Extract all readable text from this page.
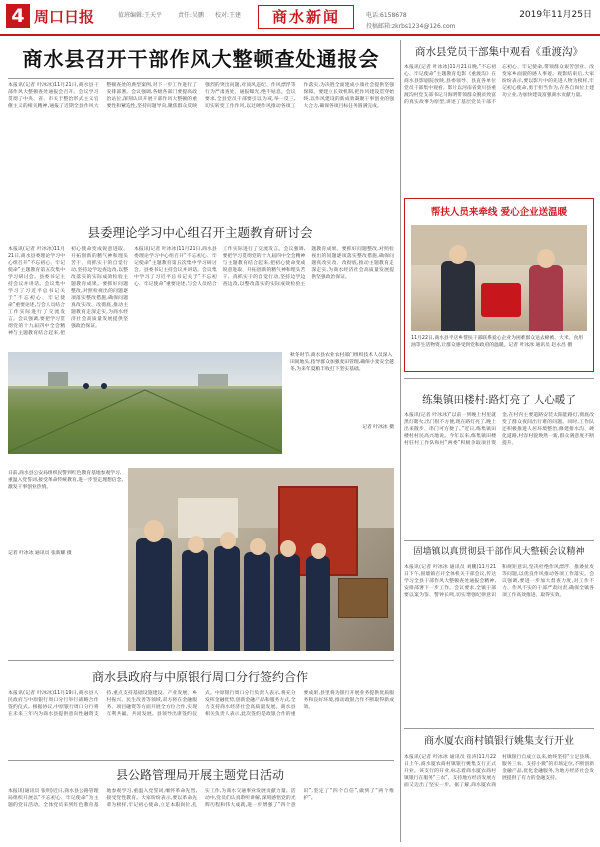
4 周口日报	值班编辑:王天平	责任:吴鹏 校对:王建	商水新闻	电话:6158678
投稿邮箱:zkrbs1234@126.com
2019年11月25日
商水县召开干部作风大整顿查处通报会
本报讯(记者 叶冰冰)11月21日,商水县干部作风大整顿查处通报会召开。会议学习贯彻了中央、省、市关于整治形式主义官僚主义的相关精神,通报了近期全县作风大整顿查处的典型案例,对下一步工作进行了安排部署。会议强调,各级各部门要提高政治站位,深刻认识开展干部作风大整顿的重要性和紧迫性,坚持问题导向,聚焦群众反映强烈的突出问题,对顶风违纪、作风漂浮等行为严肃查处、通报曝光,绝不姑息。会议要求,全县党员干部要引以为戒,举一反三,切实转变工作作风,以过硬作风推动各项工作落实,为决胜全面建成小康社会提供坚强保障。要建立长效机制,把作风建设贯穿始终,以作风建设的新成效凝聚干事创业的强大合力,确保各项目标任务圆满完成。
县委理论学习中心组召开主题教育研讨会
本报讯(记者 叶冰冰)11月21日,商水县委理论学习中心组召开“不忘初心、牢记使命”主题教育第五次集中学习研讨会。县委书记主持会议并讲话。会议集中学习了习近平总书记关于“不忘初心、牢记使命”重要论述,与会人员结合工作实际进行了交流发言。会议强调,要把学习贯彻党的十九届四中全会精神与主题教育结合起来,把初心使命变成锐意进取、开拓创新的精气神和埋头苦干、真抓实干的自觉行动,坚持边学边查边改,以整改落实的实际成效检验主题教育成果。要抓好问题整改,对照检视出的问题逐项落实整改措施,确保问题真改实改、改彻底,推动主题教育走深走实,为商水经济社会高质量发展提供坚强政治保证。
本报讯(记者 叶冰冰)11月21日,商水县委理论学习中心组召开“不忘初心、牢记使命”主题教育第五次集中学习研讨会。县委书记主持会议并讲话。会议集中学习了习近平总书记关于“不忘初心、牢记使命”重要论述,与会人员结合工作实际进行了交流发言。会议强调,要把学习贯彻党的十九届四中全会精神与主题教育结合起来,把初心使命变成锐意进取、开拓创新的精气神和埋头苦干、真抓实干的自觉行动,坚持边学边查边改,以整改落实的实际成效检验主题教育成果。要抓好问题整改,对照检视出的问题逐项落实整改措施,确保问题真改实改、改彻底,推动主题教育走深走实,为商水经济社会高质量发展提供坚强政治保证。
秋冬时节,商水县农业农村部门组织技术人员深入田间地头,指导群众加强麦田管理,确保小麦安全越冬,为来年夏粮丰收打下坚实基础。
记者 叶冰冰 摄
日前,商水县公安局组织民警到红色教育基地参观学习,重温入党誓词,接受革命传统教育,进一步坚定理想信念,激发干事创业热情。
记者 叶冰冰 通讯员 张新耀 摄
商水县政府与中原银行周口分行签约合作
本报讯(记者 叶冰冰)11月19日,商水县人民政府与中原银行周口分行举行战略合作签约仪式。根据协议,中原银行周口分行将在未来三年内为商水县提供意向性融资支持,重点支持基础设施建设、产业发展、乡村振兴、民生改善等领域,双方将在金融服务、项目融资等方面开展全方位合作,实现互利共赢、共同发展。县领导出席签约仪式。中原银行周口分行负责人表示,将充分发挥金融优势,创新金融产品和服务方式,全力支持商水经济社会高质量发展。商水县相关负责人表示,此次签约是政银合作的重要成果,县里将为银行开展业务提供优质服务和良好环境,推动政银合作不断取得新成效。
县公路管理局开展主题党日活动
本报讯(通讯员 张明)近日,商水县公路管理局组织开展以“不忘初心、牢记使命”为主题的党日活动。全体党员来到红色教育基地参观学习,重温入党誓词,缅怀革命先烈,接受党性教育。大家纷纷表示,要以革命先辈为榜样,牢记初心使命,立足本职岗位,扎实工作,为商水交通事业发展贡献力量。活动中,党员们认真聆听讲解,深刻感悟党的光辉历程和伟大成就,进一步增强了“四个意识”,坚定了“四个自信”,做到了“两个维护”。
商水县党员干部集中观看《重渡沟》
本报讯(记者 叶冰冰)11月21日晚,“不忘初心、牢记使命”主题教育电影《重渡沟》在商水县影剧院放映,县委领导、县直各单位党员干部集中观看。影片以河南省栾川县重渡沟村党支部书记马海明带领群众脱贫致富的真实故事为原型,讲述了基层党员干部不忘初心、牢记使命,带领群众艰苦创业、改变家乡面貌的感人事迹。观影结束后,大家纷纷表示,要以影片中的先进人物为榜样,牢记初心使命,勇于担当作为,在各自岗位上建功立业,为加快建设富强商水贡献力量。
帮扶人员来牵线 爱心企业送温暖
11月22日,商水县平店乡帮扶干部联系爱心企业为困难群众送去棉被、大米、食用油等生活物资,让群众感受到党和政府的温暖。记者 叶冰冰 通讯员 赵永昌 摄
练集镇田楼村:路灯亮了 人心暖了
本报讯(记者 叶冰冰)“以前一到晚上村里就黑灯瞎火,出门很不方便,现在路灯亮了,晚上出来散步、串门可方便了。”近日,练集镇田楼村村民高兴地说。今年以来,练集镇田楼村驻村工作队和村“两委”积极争取项目资金,在村内主要道路安装太阳能路灯,彻底改变了群众夜间出行难的问题。同时,工作队还积极推进人居环境整治,修建排水沟、硬化道路,村容村貌焕然一新,群众满意度不断提升。
固墙镇以真贯彻县干部作风大整顿会议精神
本报讯(记者 叶冰冰 通讯员 刘鹏)11月21日下午,固墙镇召开全体机关干部会议,传达学习全县干部作风大整顿查处通报会精神,安排部署下一步工作。会议要求,全镇干部要以案为鉴、警钟长鸣,切实增强纪律意识和规矩意识,坚决杜绝作风漂浮、推诿扯皮等问题,以优良作风推动各项工作落实。会议强调,要进一步加大督查力度,对工作不力、作风不实的干部严肃问责,确保全镇各项工作高效推进、取得实效。
商水厦农商村镇银行姚集支行开业
本报讯(记者 叶冰冰 通讯员 崔涛)11月22日上午,商水厦农商村镇银行姚集支行正式开业。该支行的开业,标志着商水厦农商村镇银行在服务“三农”、支持地方经济发展方面又迈出了坚实一步。据了解,商水厦农商村镇银行自成立以来,始终坚持“立足县域、服务三农、支持小微”的市场定位,不断创新金融产品,优化金融服务,为地方经济社会发展提供了有力的金融支持。
